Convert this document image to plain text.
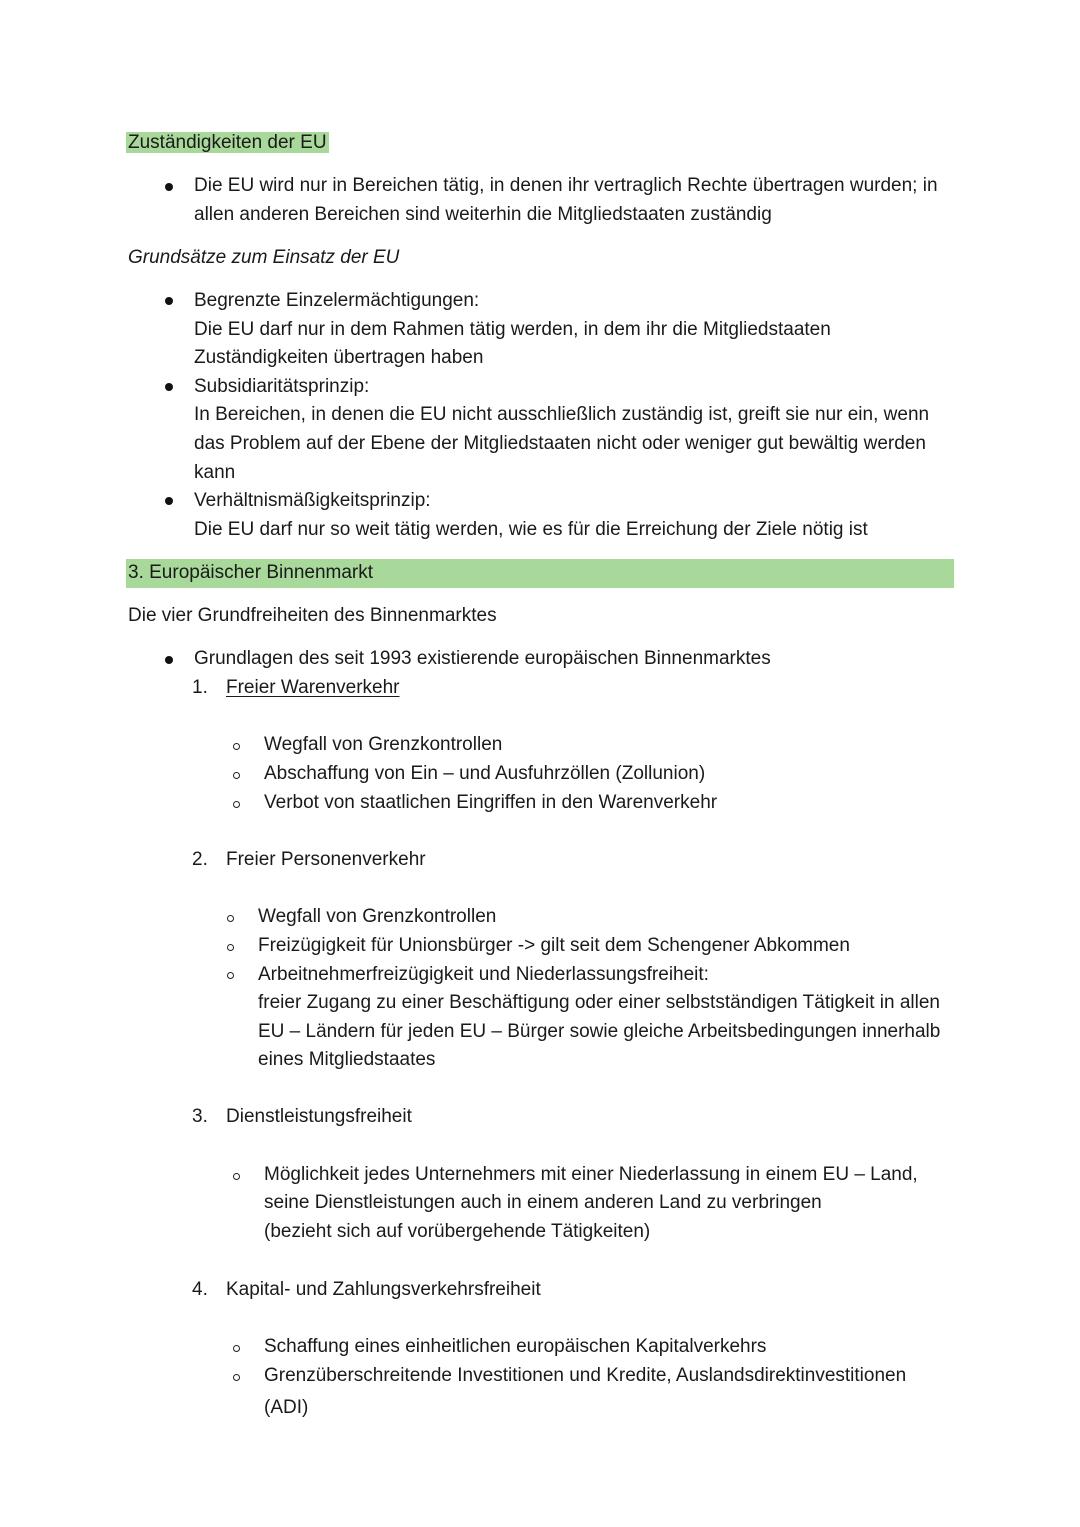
Zuständigkeiten der EU
Die EU wird nur in Bereichen tätig, in denen ihr vertraglich Rechte übertragen wurden; in
allen anderen Bereichen sind weiterhin die Mitgliedstaaten zuständig
Grundsätze zum Einsatz der EU
Begrenzte Einzelermächtigungen:
Die EU darf nur in dem Rahmen tätig werden, in dem ihr die Mitgliedstaaten
Zuständigkeiten übertragen haben
Subsidiaritätsprinzip:
In Bereichen, in denen die EU nicht ausschließlich zuständig ist, greift sie nur ein, wenn
das Problem auf der Ebene der Mitgliedstaaten nicht oder weniger gut bewältig werden
kann
Verhältnismäßigkeitsprinzip:
Die EU darf nur so weit tätig werden, wie es für die Erreichung der Ziele nötig ist
3. Europäischer Binnenmarkt
Die vier Grundfreiheiten des Binnenmarktes
Grundlagen des seit 1993 existierende europäischen Binnenmarktes
1. Freier Warenverkehr
Wegfall von Grenzkontrollen
Abschaffung von Ein – und Ausfuhrzöllen (Zollunion)
Verbot von staatlichen Eingriffen in den Warenverkehr
2. Freier Personenverkehr
Wegfall von Grenzkontrollen
Freizügigkeit für Unionsbürger -> gilt seit dem Schengener Abkommen
Arbeitnehmerfreizügigkeit und Niederlassungsfreiheit:
freier Zugang zu einer Beschäftigung oder einer selbstständigen Tätigkeit in allen
EU – Ländern für jeden EU – Bürger sowie gleiche Arbeitsbedingungen innerhalb
eines Mitgliedstaates
3. Dienstleistungsfreiheit
Möglichkeit jedes Unternehmers mit einer Niederlassung in einem EU – Land,
seine Dienstleistungen auch in einem anderen Land zu verbringen
(bezieht sich auf vorübergehende Tätigkeiten)
4. Kapital- und Zahlungsverkehrsfreiheit
Schaffung eines einheitlichen europäischen Kapitalverkehrs
Grenzüberschreitende Investitionen und Kredite, Auslandsdirektinvestitionen
(ADI)
